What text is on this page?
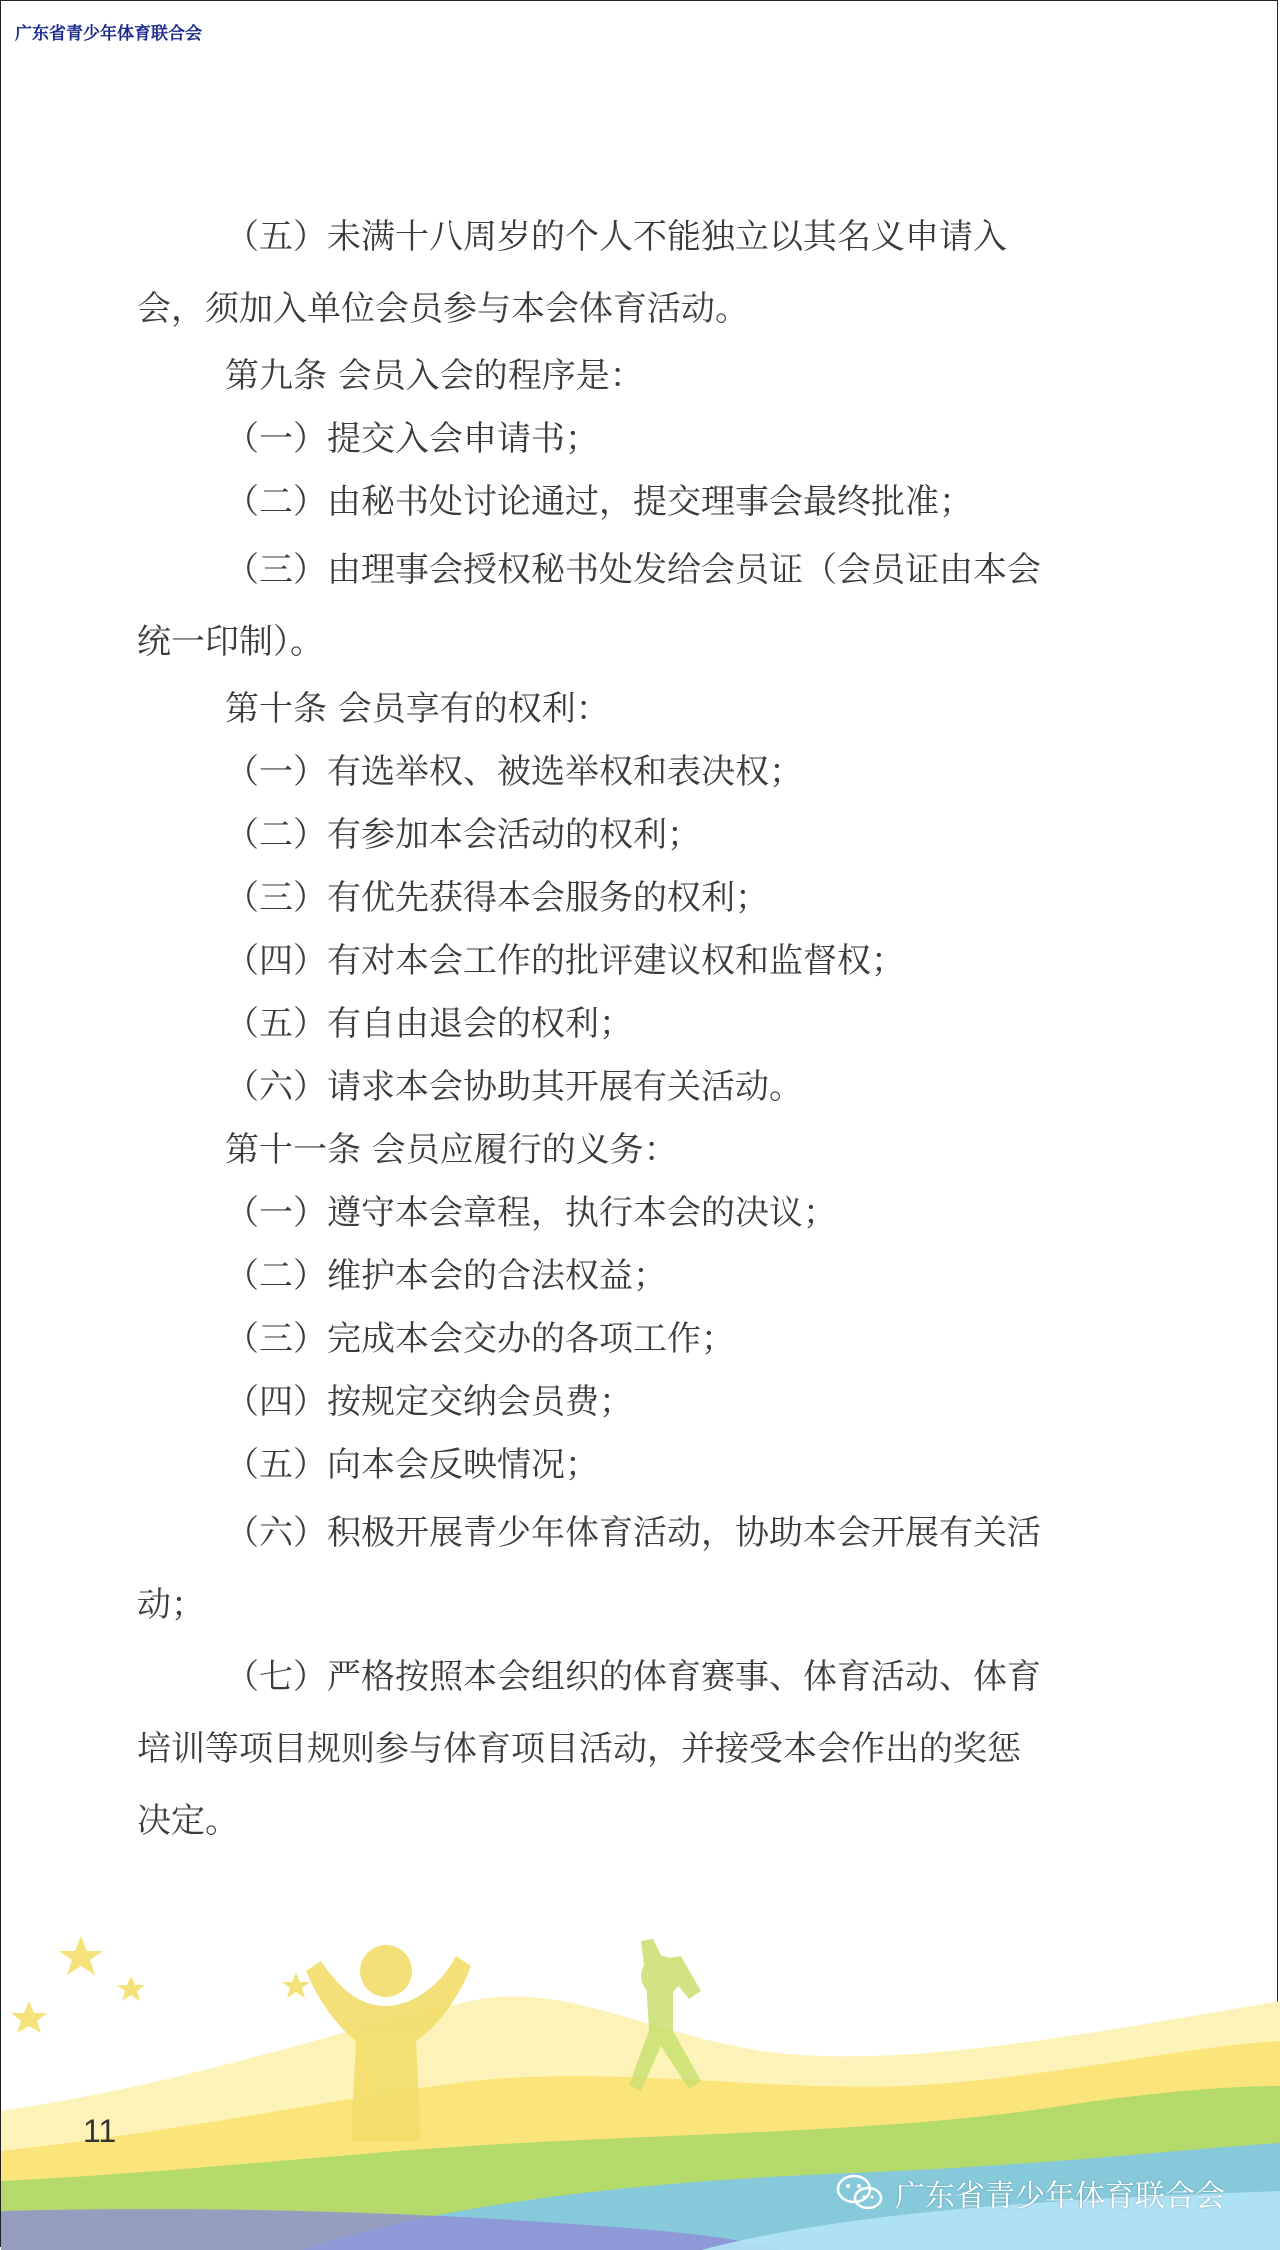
广东省青少年体育联合会
（五）未满十八周岁的个人不能独立以其名义申请入
会，须加入单位会员参与本会体育活动。
第九条 会员入会的程序是：
（一）提交入会申请书；
（二）由秘书处讨论通过，提交理事会最终批准；
（三）由理事会授权秘书处发给会员证（会员证由本会
统一印制）。
第十条 会员享有的权利：
（一）有选举权、被选举权和表决权；
（二）有参加本会活动的权利；
（三）有优先获得本会服务的权利；
（四）有对本会工作的批评建议权和监督权；
（五）有自由退会的权利；
（六）请求本会协助其开展有关活动。
第十一条 会员应履行的义务：
（一）遵守本会章程，执行本会的决议；
（二）维护本会的合法权益；
（三）完成本会交办的各项工作；
（四）按规定交纳会员费；
（五）向本会反映情况；
（六）积极开展青少年体育活动，协助本会开展有关活
动；
（七）严格按照本会组织的体育赛事、体育活动、体育
培训等项目规则参与体育项目活动，并接受本会作出的奖惩
决定。
11
广东省青少年体育联合会
